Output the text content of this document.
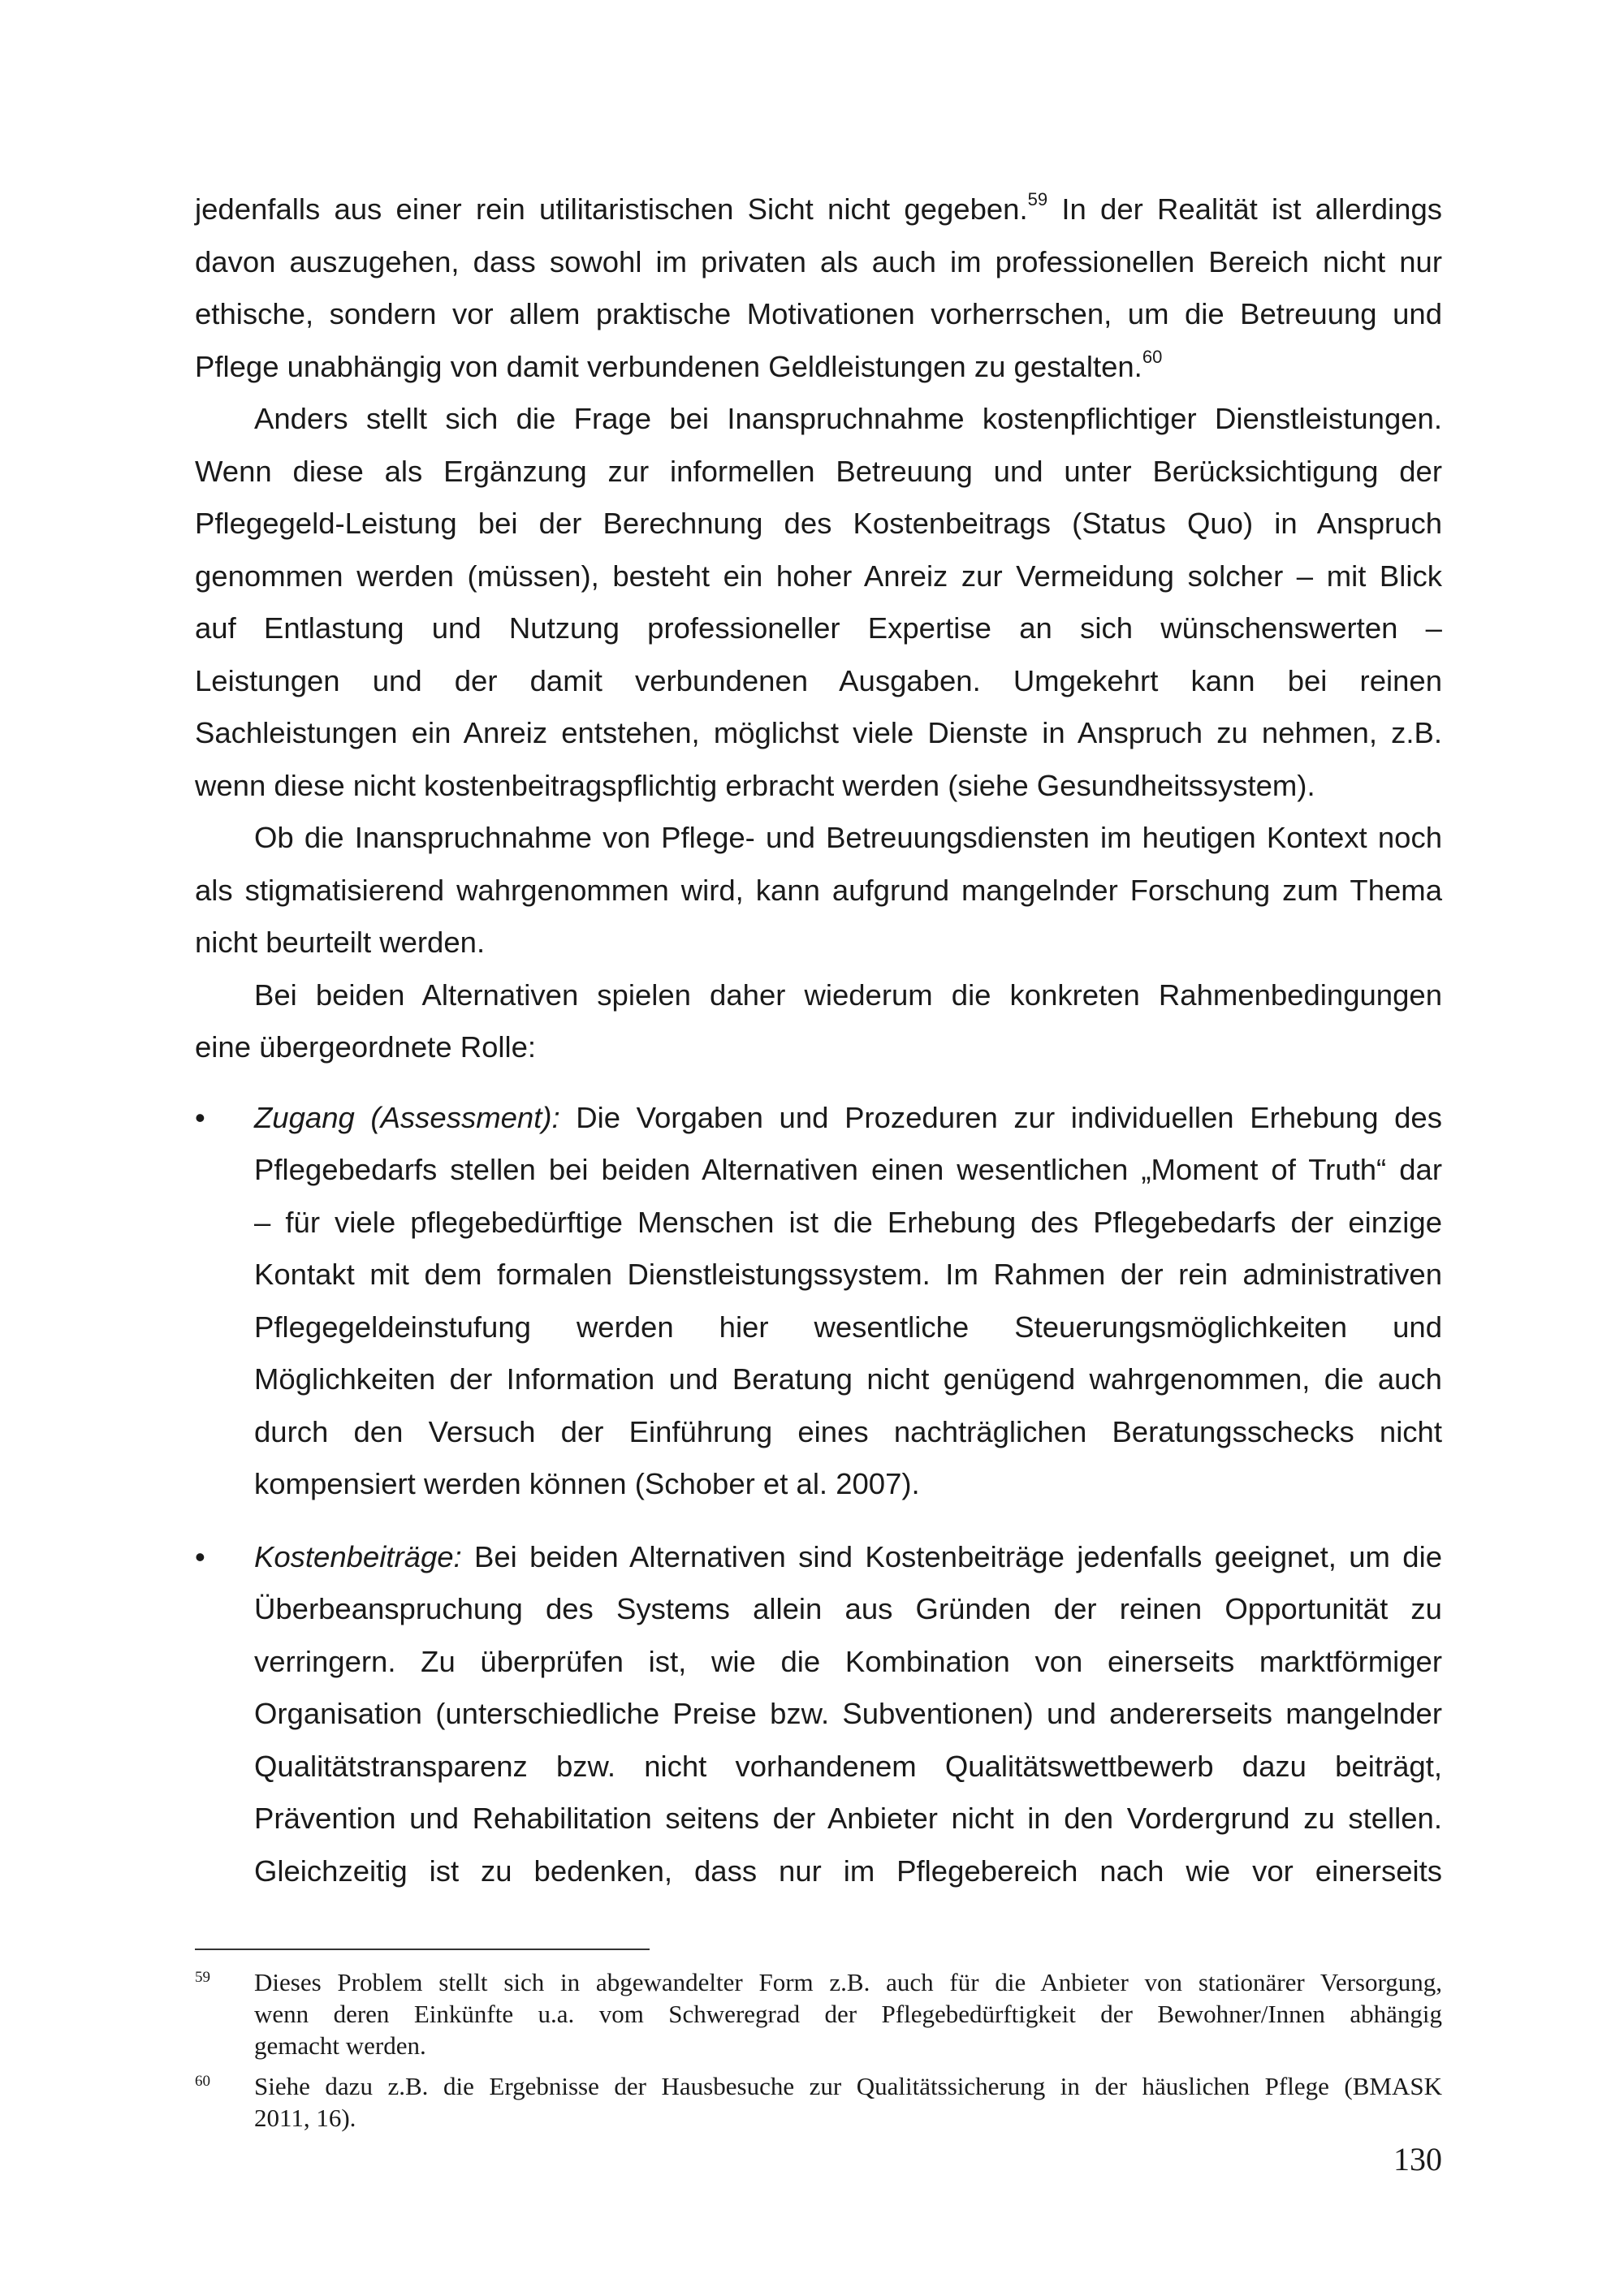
jedenfalls aus einer rein utilitaristischen Sicht nicht gegeben.$^{59}$ In der Realität ist allerdings
davon auszugehen, dass sowohl im privaten als auch im professionellen Bereich nicht nur
ethische, sondern vor allem praktische Motivationen vorherrschen, um die Betreuung und
Pflege unabhängig von damit verbundenen Geldleistungen zu gestalten.$^{60}$
Anders stellt sich die Frage bei Inanspruchnahme kostenpflichtiger Dienstleistungen.
Wenn diese als Ergänzung zur informellen Betreuung und unter Berücksichtigung der
Pflegegeld-Leistung bei der Berechnung des Kostenbeitrags (Status Quo) in Anspruch
genommen werden (müssen), besteht ein hoher Anreiz zur Vermeidung solcher – mit Blick
auf Entlastung und Nutzung professioneller Expertise an sich wünschenswerten –
Leistungen und der damit verbundenen Ausgaben. Umgekehrt kann bei reinen
Sachleistungen ein Anreiz entstehen, möglichst viele Dienste in Anspruch zu nehmen, z.B.
wenn diese nicht kostenbeitragspflichtig erbracht werden (siehe Gesundheitssystem).
Ob die Inanspruchnahme von Pflege- und Betreuungsdiensten im heutigen Kontext noch
als stigmatisierend wahrgenommen wird, kann aufgrund mangelnder Forschung zum Thema
nicht beurteilt werden.
Bei beiden Alternativen spielen daher wiederum die konkreten Rahmenbedingungen
eine übergeordnete Rolle:
• Zugang (Assessment): Die Vorgaben und Prozeduren zur individuellen Erhebung des
Pflegebedarfs stellen bei beiden Alternativen einen wesentlichen „Moment of Truth“ dar
– für viele pflegebedürftige Menschen ist die Erhebung des Pflegebedarfs der einzige
Kontakt mit dem formalen Dienstleistungssystem. Im Rahmen der rein administrativen
Pflegegeldeinstufung werden hier wesentliche Steuerungsmöglichkeiten und
Möglichkeiten der Information und Beratung nicht genügend wahrgenommen, die auch
durch den Versuch der Einführung eines nachträglichen Beratungsschecks nicht
kompensiert werden können (Schober et al. 2007).
• Kostenbeiträge: Bei beiden Alternativen sind Kostenbeiträge jedenfalls geeignet, um die
Überbeanspruchung des Systems allein aus Gründen der reinen Opportunität zu
verringern. Zu überprüfen ist, wie die Kombination von einerseits marktförmiger
Organisation (unterschiedliche Preise bzw. Subventionen) und andererseits mangelnder
Qualitätstransparenz bzw. nicht vorhandenem Qualitätswettbewerb dazu beiträgt,
Prävention und Rehabilitation seitens der Anbieter nicht in den Vordergrund zu stellen.
Gleichzeitig ist zu bedenken, dass nur im Pflegebereich nach wie vor einerseits
59 Dieses Problem stellt sich in abgewandelter Form z.B. auch für die Anbieter von stationärer Versorgung,
wenn deren Einkünfte u.a. vom Schweregrad der Pflegebedürftigkeit der Bewohner/Innen abhängig
gemacht werden.
60 Siehe dazu z.B. die Ergebnisse der Hausbesuche zur Qualitätssicherung in der häuslichen Pflege (BMASK
2011, 16).
130
